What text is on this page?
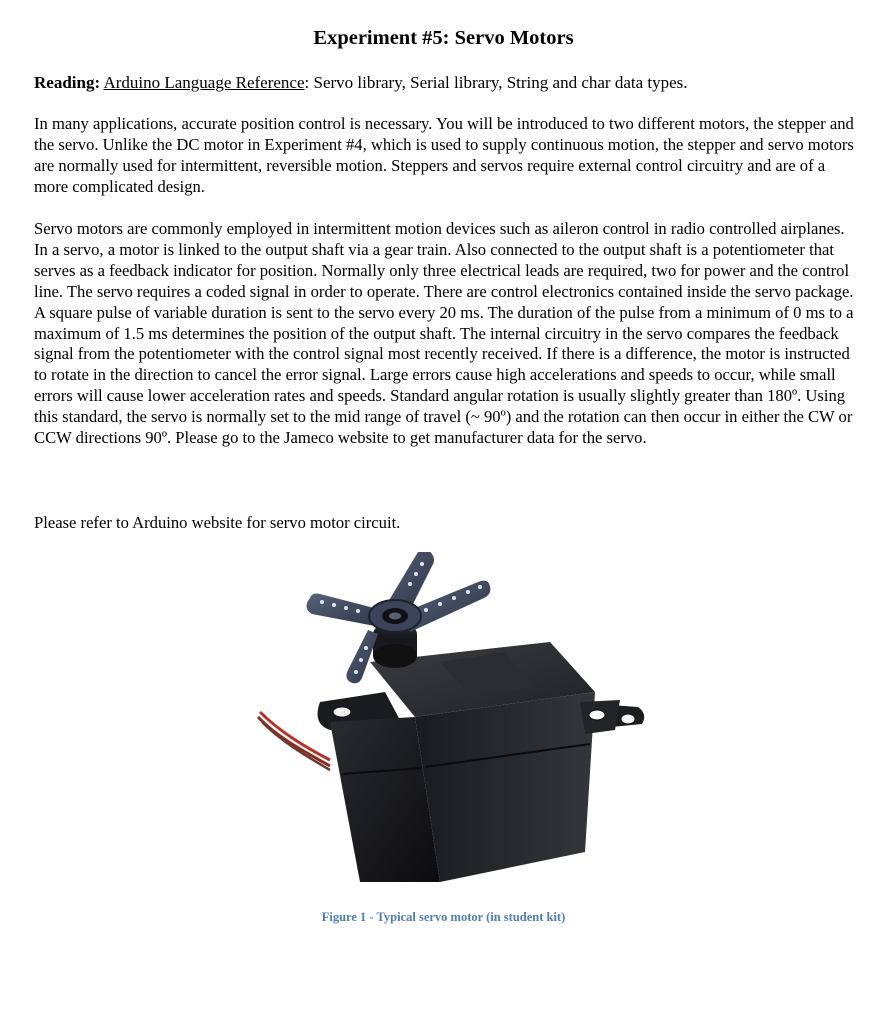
Experiment #5: Servo Motors
Reading: Arduino Language Reference: Servo library, Serial library, String and char data types.

In many applications, accurate position control is necessary. You will be introduced to two different motors, the stepper and the servo. Unlike the DC motor in Experiment #4, which is used to supply continuous motion, the stepper and servo motors are normally used for intermittent, reversible motion. Steppers and servos require external control circuitry and are of a more complicated design.

Servo motors are commonly employed in intermittent motion devices such as aileron control in radio controlled airplanes. In a servo, a motor is linked to the output shaft via a gear train. Also connected to the output shaft is a potentiometer that serves as a feedback indicator for position. Normally only three electrical leads are required, two for power and the control line. The servo requires a coded signal in order to operate. There are control electronics contained inside the servo package. A square pulse of variable duration is sent to the servo every 20 ms. The duration of the pulse from a minimum of 0 ms to a maximum of 1.5 ms determines the position of the output shaft. The internal circuitry in the servo compares the feedback signal from the potentiometer with the control signal most recently received. If there is a difference, the motor is instructed to rotate in the direction to cancel the error signal. Large errors cause high accelerations and speeds to occur, while small errors will cause lower acceleration rates and speeds. Standard angular rotation is usually slightly greater than 180º. Using this standard, the servo is normally set to the mid range of travel (~ 90º) and the rotation can then occur in either the CW or CCW directions 90º. Please go to the Jameco website to get manufacturer data for the servo.

Please refer to Arduino website for servo motor circuit.

Figure 1 - Typical servo motor (in student kit)
